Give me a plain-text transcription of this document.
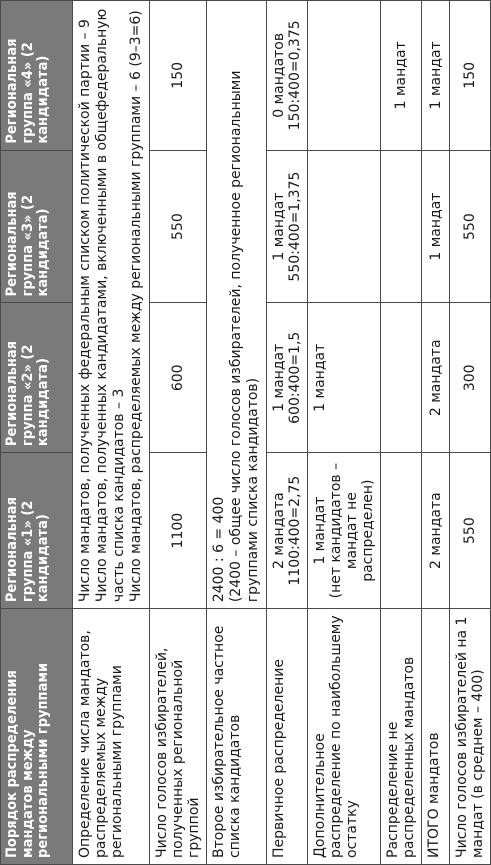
Порядок распределения мандатов между региональными группами	Региональная группа «1» (2 кандидата)	Региональная группа «2» (2 кандидата)	Региональная группа «3» (2 кандидата)	Региональная группа «4» (2 кандидата)
Определение числа мандатов, распределяемых между региональными группами	Число мандатов, полученных федеральным списком политической партии – 9 Число мандатов, полученных кандидатами, включенными в общефедеральную часть списка кандидатов – 3 Число мандатов, распределяемых между региональными группами – 6 (9–3=6)			

Число голосов избирателей, полученных региональной группой	1100	600	550	150
Второе избирательное частное списка кандидатов	2400 : 6 = 400 (2400 – общее число голосов избирателей, полученное региональными группами списка кандидатов)			

Первичное распределение	2 мандата 1100:400=2,75	1 мандат 600:400=1,5	1 мандат 550:400=1,375	0 мандатов 150:400=0,375

Дополнительное распределение по наибольшему остатку	1 мандат (нет кандидатов – мандат не распределен)	1 мандат		
Распределение не распределенных мандатов				1 мандат
ИТОГО мандатов	2 мандата	2 мандата	1 мандат	1 мандат
Число голосов избирателей на 1 мандат (в среднем – 400)	550	300	550	150
